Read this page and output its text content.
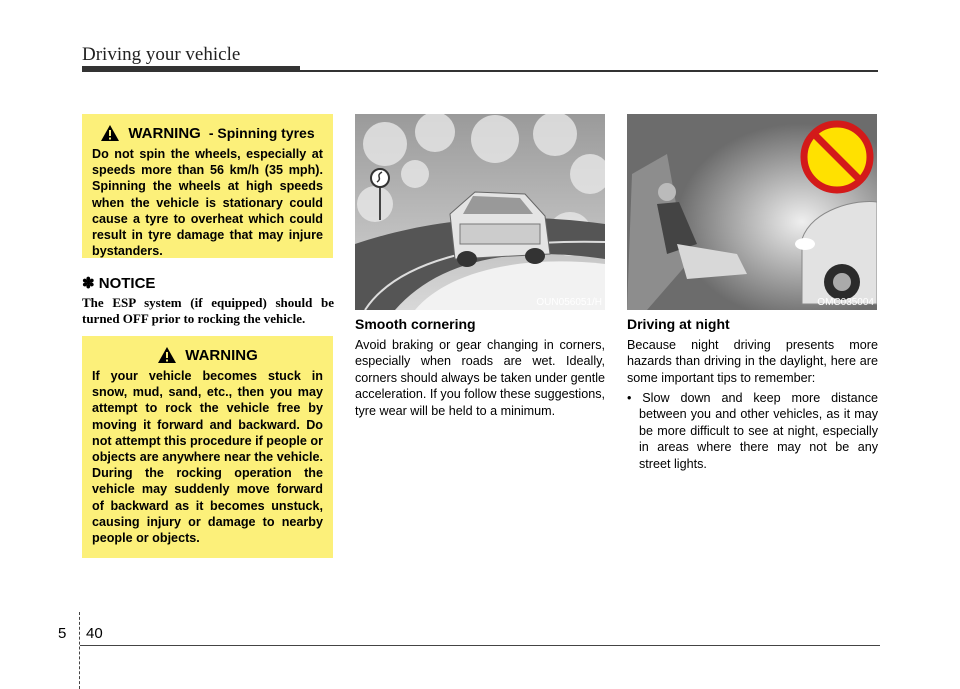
Driving your vehicle
WARNING - Spinning tyres

Do not spin the wheels, especially at speeds more than 56 km/h (35 mph). Spinning the wheels at high speeds when the vehicle is stationary could cause a tyre to overheat which could result in tyre damage that may injure bystanders.

✽ NOTICE

The ESP system (if equipped) should be turned OFF prior to rocking the vehicle.

WARNING

If your vehicle becomes stuck in snow, mud, sand, etc., then you may attempt to rock the vehicle free by moving it forward and backward. Do not attempt this procedure if people or objects are anywhere near the vehicle. During the rocking operation the vehicle may suddenly move forward of backward as it becomes unstuck, causing injury or damage to nearby people or objects.

OUN056051/H	OMC035004
Smooth cornering

Avoid braking or gear changing in corners, especially when roads are wet. Ideally, corners should always be taken under gentle acceleration. If you follow these suggestions, tyre wear will be held to a minimum.

Driving at night

Because night driving presents more hazards than driving in the daylight, here are some important tips to remember:

• Slow down and keep more distance between you and other vehicles, as it may be more difficult to see at night, especially in areas where there may not be any street lights.

5 40
